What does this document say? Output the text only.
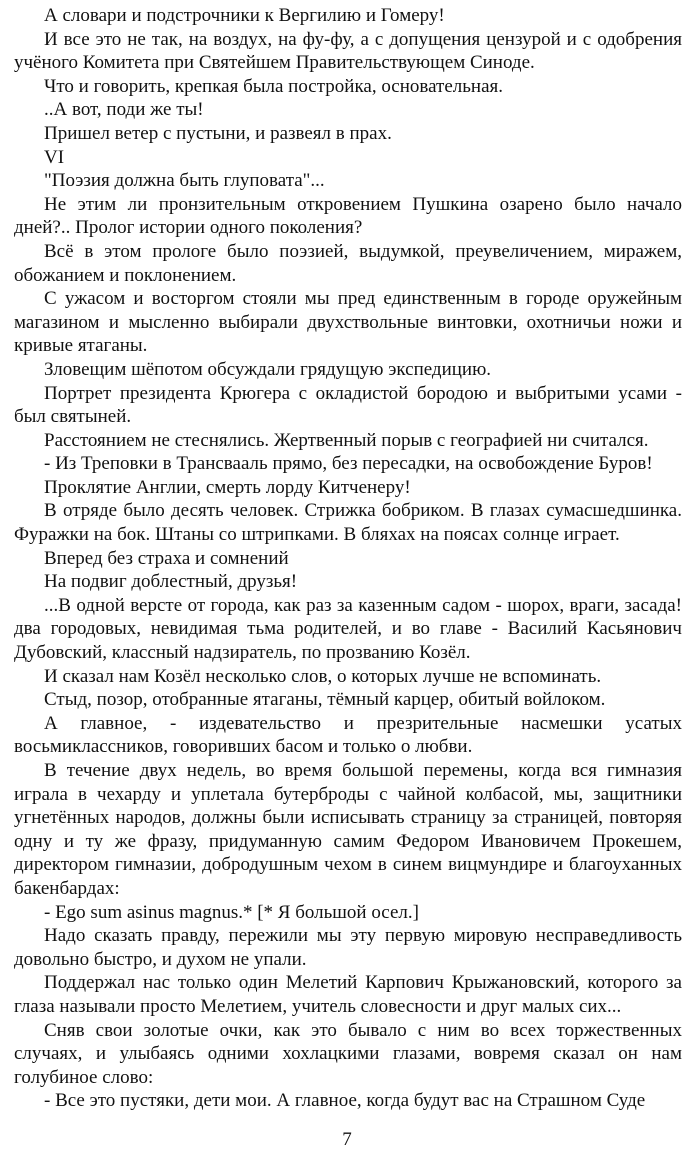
А словари и подстрочники к Вергилию и Гомеру!

И все это не так, на воздух, на фу-фу, а с допущения цензурой и с одобрения учёного Комитета при Святейшем Правительствующем Синоде.

Что и говорить, крепкая была постройка, основательная.

..А вот, поди же ты!

Пришел ветер с пустыни, и развеял в прах.

VI

"Поэзия должна быть глуповата"...

Не этим ли пронзительным откровением Пушкина озарено было начало дней?.. Пролог истории одного поколения?

Всё в этом прологе было поэзией, выдумкой, преувеличением, миражем, обожанием и поклонением.

С ужасом и восторгом стояли мы пред единственным в городе оружейным магазином и мысленно выбирали двухствольные винтовки, охотничьи ножи и кривые ятаганы.

Зловещим шёпотом обсуждали грядущую экспедицию.

Портрет президента Крюгера с окладистой бородою и выбритыми усами - был святыней.

Расстоянием не стеснялись. Жертвенный порыв с географией ни считался.

- Из Треповки в Трансвааль прямо, без пересадки, на освобождение Буров!

Проклятие Англии, смерть лорду Китченеру!

В отряде было десять человек. Стрижка бобриком. В глазах сумасшедшинка. Фуражки на бок. Штаны со штрипками. В бляхах на поясах солнце играет.

Вперед без страха и сомнений

На подвиг доблестный, друзья!

...В одной версте от города, как раз за казенным садом - шорох, враги, засада! два городовых, невидимая тьма родителей, и во главе - Василий Касьянович Дубовский, классный надзиратель, по прозванию Козёл.

И сказал нам Козёл несколько слов, о которых лучше не вспоминать.

Стыд, позор, отобранные ятаганы, тёмный карцер, обитый войлоком.

А главное, - издевательство и презрительные насмешки усатых восьмиклассников, говоривших басом и только о любви.

В течение двух недель, во время большой перемены, когда вся гимназия играла в чехарду и уплетала бутерброды с чайной колбасой, мы, защитники угнетённых народов, должны были исписывать страницу за страницей, повторяя одну и ту же фразу, придуманную самим Федором Ивановичем Прокешем, директором гимназии, добродушным чехом в синем вицмундире и благоуханных бакенбардах:

- Ego sum asinus magnus.* [* Я большой осел.]

Надо сказать правду, пережили мы эту первую мировую несправедливость довольно быстро, и духом не упали.

Поддержал нас только один Мелетий Карпович Крыжановский, которого за глаза называли просто Мелетием, учитель словесности и друг малых сих...

Сняв свои золотые очки, как это бывало с ним во всех торжественных случаях, и улыбаясь одними хохлацкими глазами, вовремя сказал он нам голубиное слово:

- Все это пустяки, дети мои. А главное, когда будут вас на Страшном Суде

7
